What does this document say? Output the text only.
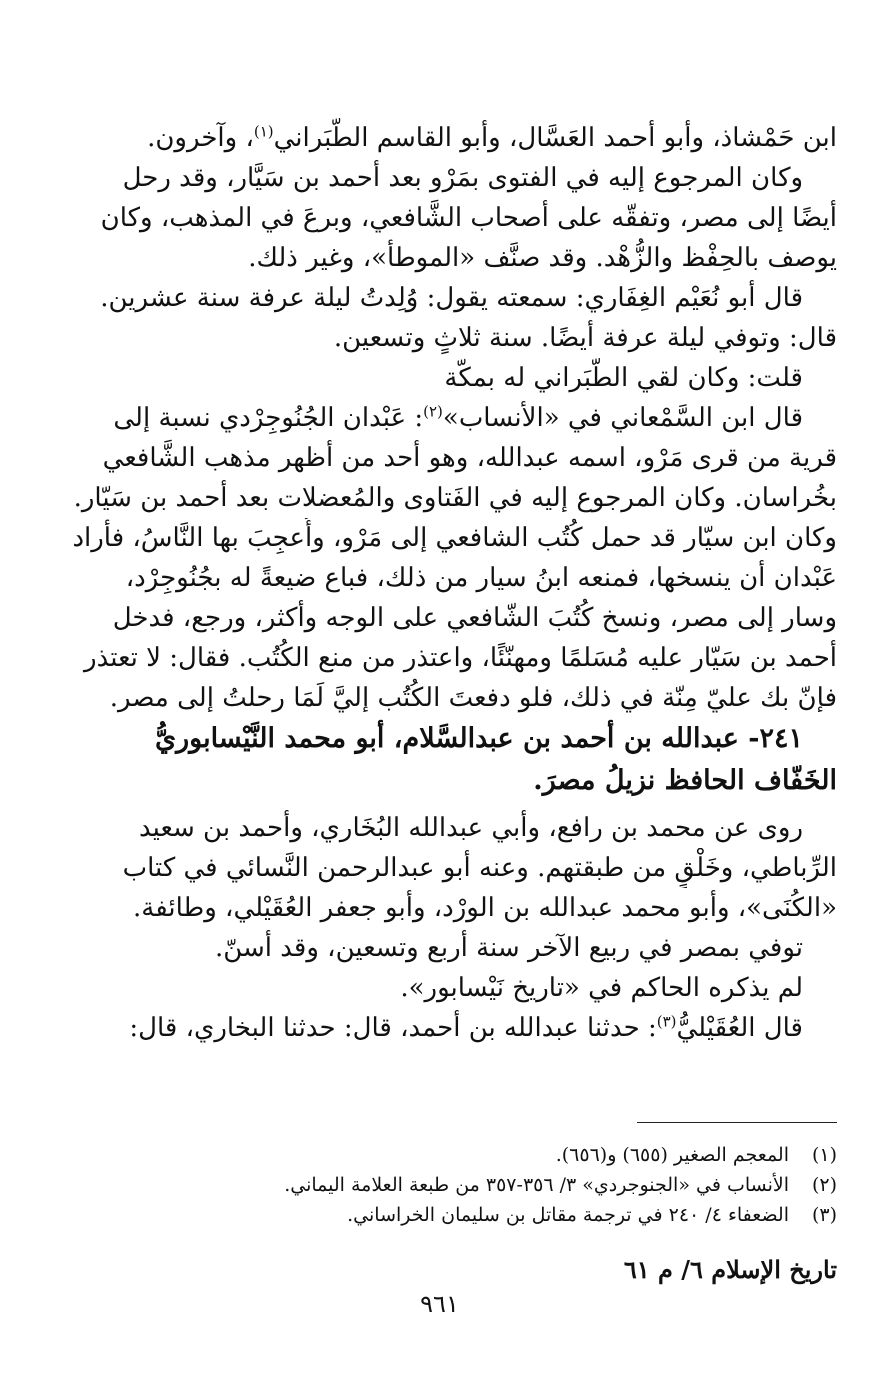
ابن حَمْشاذ، وأبو أحمد العَسَّال، وأبو القاسم الطَّبَراني$^{(١)}$، وآخرون.
وكان المرجوع إليه في الفتوى بمَرْو بعد أحمد بن سَيَّار، وقد رحل
أيضًا إلى مصر، وتفقّه على أصحاب الشَّافعي، وبرعَ في المذهب، وكان
يوصف بالحِفْظ والزُّهْد. وقد صنَّف «الموطأ»، وغير ذلك.
قال أبو نُعَيْم الغِفَاري: سمعته يقول: وُلِدتُ ليلة عرفة سنة عشرين.
قال: وتوفي ليلة عرفة أيضًا. سنة ثلاثٍ وتسعين.
قلت: وكان لقي الطَّبَراني له بمكّة
قال ابن السَّمْعاني في «الأنساب»$^{(٢)}$: عَبْدان الجُنُوجِرْدي نسبة إلى
قرية من قرى مَرْو، اسمه عبدالله، وهو أحد من أظهر مذهب الشَّافعي
بخُراسان. وكان المرجوع إليه في الفَتاوى والمُعضلات بعد أحمد بن سَيّار.
وكان ابن سيّار قد حمل كُتُب الشافعي إلى مَرْو، وأُعجِبَ بها النَّاسُ، فأراد
عَبْدان أن ينسخها، فمنعه ابنُ سيار من ذلك، فباع ضيعةً له بجُنُوجِرْد،
وسار إلى مصر، ونسخ كُتُبَ الشّافعي على الوجه وأكثر، ورجع، فدخل
أحمد بن سَيّار عليه مُسَلمًا ومهنّئًا، واعتذر من منع الكُتُب. فقال: لا تعتذر
فإنّ بك عليّ مِنّة في ذلك، فلو دفعتَ الكُتُب إليَّ لَمَا رحلتُ إلى مصر.
٢٤١- عبدالله بن أحمد بن عبدالسَّلام، أبو محمد النَّيْسابوريُّ
الخَفّاف الحافظ نزيلُ مصرَ.
روى عن محمد بن رافع، وأبي عبدالله البُخَاري، وأحمد بن سعيد
الرِّباطي، وخَلْقٍ من طبقتهم. وعنه أبو عبدالرحمن النَّسائي في كتاب
«الكُنَى»، وأبو محمد عبدالله بن الورْد، وأبو جعفر العُقَيْلي، وطائفة.
توفي بمصر في ربيع الآخر سنة أربع وتسعين، وقد أسنّ.
لم يذكره الحاكم في «تاريخ نَيْسابور».
قال العُقَيْليُّ$^{(٣)}$: حدثنا عبدالله بن أحمد، قال: حدثنا البخاري، قال:
(١)المعجم الصغير (٦٥٥) و(٦٥٦).
(٢)الأنساب في «الجنوجردي» ٣/ ٣٥٦-٣٥٧ من طبعة العلامة اليماني.
(٣)الضعفاء ٤/ ٢٤٠ في ترجمة مقاتل بن سليمان الخراساني.
تاريخ الإسلام ٦/ م ٦١
٩٦١
